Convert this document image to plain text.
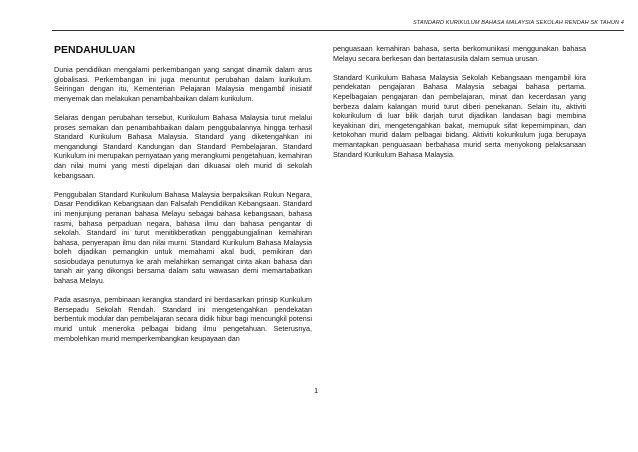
STANDARD KURIKULUM BAHASA MALAYSIA SEKOLAH RENDAH SK TAHUN 4
PENDAHULUAN

Dunia pendidikan mengalami perkembangan yang sangat dinamik dalam arus globalisasi. Perkembangan ini juga menuntut perubahan dalam kurikulum. Seiringan dengan itu, Kementerian Pelajaran Malaysia mengambil inisiatif menyemak dan melakukan penambahbaikan dalam kurikulum.

Selaras dengan perubahan tersebut, Kurikulum Bahasa Malaysia turut melalui proses semakan dan penambahbaikan dalam penggubalannya hingga terhasil Standard Kurikulum Bahasa Malaysia. Standard yang diketengahkan ini mengandungi Standard Kandungan dan Standard Pembelajaran. Standard Kurikulum ini merupakan pernyataan yang merangkumi pengetahuan, kemahiran dan nilai murni yang mesti dipelajari dan dikuasai oleh murid di sekolah kebangsaan.

Penggubalan Standard Kurikulum Bahasa Malaysia berpaksikan Rukun Negara, Dasar Pendidikan Kebangsaan dan Falsafah Pendidikan Kebangsaan. Standard ini menjunjung peranan bahasa Melayu sebagai bahasa kebangsaan, bahasa rasmi, bahasa perpaduan negara, bahasa ilmu dan bahasa pengantar di sekolah. Standard ini turut menitikberatkan penggabungjalinan kemahiran bahasa, penyerapan ilmu dan nilai murni. Standard Kurikulum Bahasa Malaysia boleh dijadikan pemangkin untuk memahami akal budi, pemikiran dan sosiobudaya penuturnya ke arah melahirkan semangat cinta akan bahasa dan tanah air yang dikongsi bersama dalam satu wawasan demi memartabatkan bahasa Melayu.

Pada asasnya, pembinaan kerangka standard ini berdasarkan prinsip Kurikulum Bersepadu Sekolah Rendah. Standard ini mengetengahkan pendekatan berbentuk modular dan pembelajaran secara didik hibur bagi mencungkil potensi murid untuk meneroka pelbagai bidang ilmu pengetahuan. Seterusnya, membolehkan murid memperkembangkan keupayaan dan

penguasaan kemahiran bahasa, serta berkomunikasi menggunakan bahasa Melayu secara berkesan dan bertatasusila dalam semua urusan.

Standard Kurikulum Bahasa Malaysia Sekolah Kebangsaan mengambil kira pendekatan pengajaran Bahasa Malaysia sebagai bahasa pertama. Kepelbagaian pengajaran dan pembelajaran, minat dan kecerdasan yang berbeza dalam kalangan murid turut diberi penekanan. Selain itu, aktiviti kokurikulum di luar bilik darjah turut dijadikan landasan bagi membina keyakinan diri, mengetengahkan bakat, memupuk sifat kepemimpinan, dan ketokohan murid dalam pelbagai bidang. Aktiviti kokurikulum juga berupaya memantapkan penguasaan berbahasa murid serta menyokong pelaksanaan Standard Kurikulum Bahasa Malaysia.

1
